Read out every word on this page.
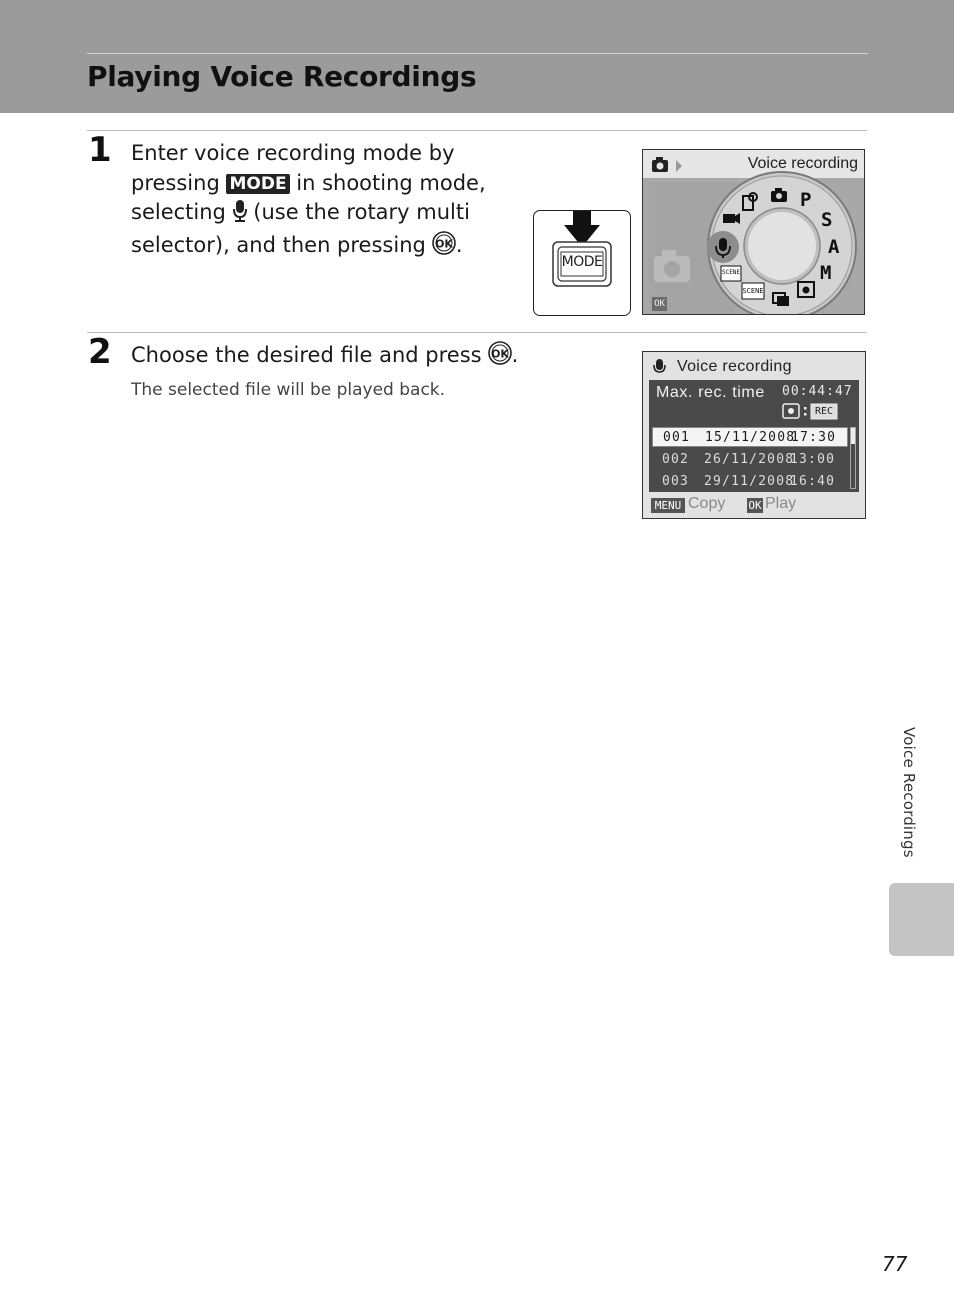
Playing Voice Recordings
1 Enter voice recording mode by
pressing MODE in shooting mode,
selecting (use the rotary multi
selector), and then pressing OK .
MODE
P
S
A
M
SCENE
SCENE
OK
Voice recording
2 Choose the desired file and press OK .
The selected file will be played back.
Voice recording
Max. rec. time 00:44:47
REC
001 15/11/2008
17:30
002 26/11/2008
13:00
003 29/11/2008
16:40
MENU Copy OK Play
Voice Recordings
77
